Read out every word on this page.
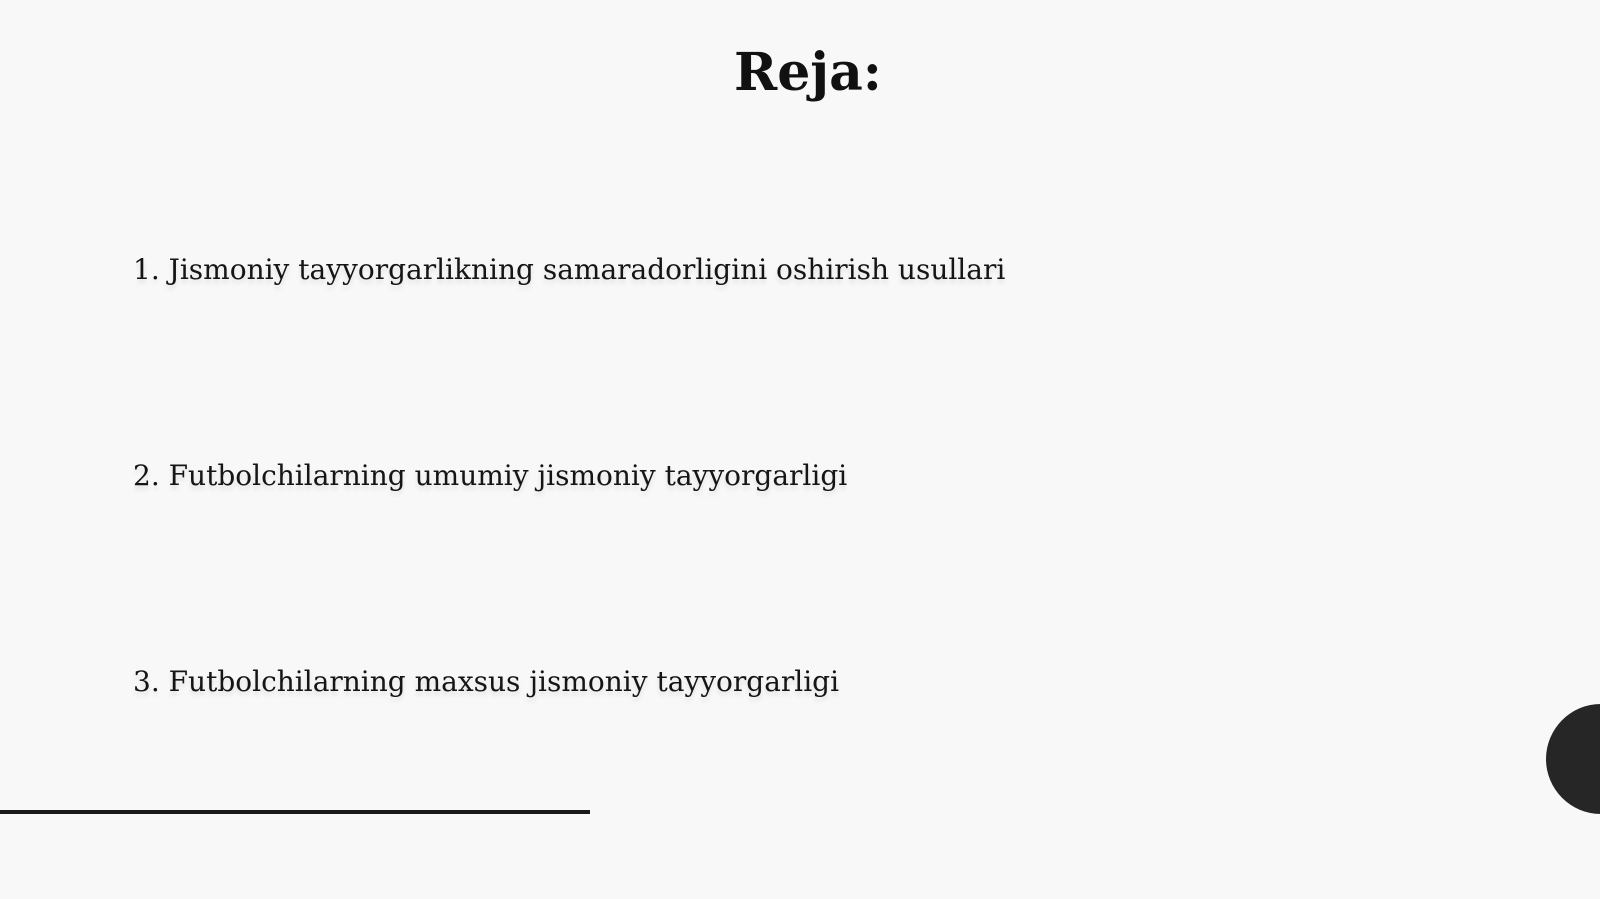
Reja:

1. Jismoniy tayyorgarlikning samaradorligini oshirish usullari

2. Futbolchilarning umumiy jismoniy tayyorgarligi

3. Futbolchilarning maxsus jismoniy tayyorgarligi
